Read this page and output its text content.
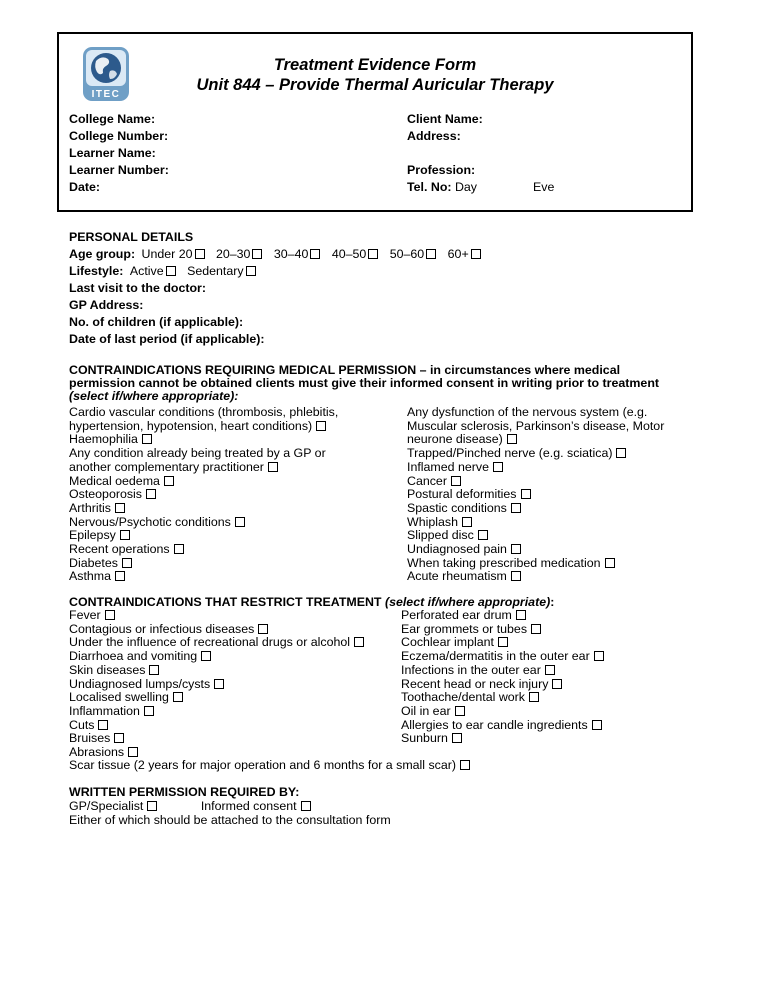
ITEC
Treatment Evidence Form
Unit 844 – Provide Thermal Auricular Therapy
College Name:
College Number:
Learner Name:
Learner Number:
Date:
Client Name:
Address:
Profession:
Tel. No: Day	Eve
PERSONAL DETAILS
Age group: Under 20 20–30 30–40 40–50 50–60 60+
Lifestyle: Active Sedentary
Last visit to the doctor:
GP Address:
No. of children (if applicable):
Date of last period (if applicable):
CONTRAINDICATIONS REQUIRING MEDICAL PERMISSION – in circumstances where medical
permission cannot be obtained clients must give their informed consent in writing prior to treatment
(select if/where appropriate):
Cardio vascular conditions (thrombosis, phlebitis,
hypertension, hypotension, heart conditions)
Haemophilia
Any condition already being treated by a GP or
another complementary practitioner
Medical oedema
Osteoporosis
Arthritis
Nervous/Psychotic conditions
Epilepsy
Recent operations
Diabetes
Asthma
Any dysfunction of the nervous system (e.g.
Muscular sclerosis, Parkinson’s disease, Motor
neurone disease)
Trapped/Pinched nerve (e.g. sciatica)
Inflamed nerve
Cancer
Postural deformities
Spastic conditions
Whiplash
Slipped disc
Undiagnosed pain
When taking prescribed medication
Acute rheumatism
CONTRAINDICATIONS THAT RESTRICT TREATMENT (select if/where appropriate):
Fever
Contagious or infectious diseases
Under the influence of recreational drugs or alcohol
Diarrhoea and vomiting
Skin diseases
Undiagnosed lumps/cysts
Localised swelling
Inflammation
Cuts
Bruises
Abrasions
Perforated ear drum
Ear grommets or tubes
Cochlear implant
Eczema/dermatitis in the outer ear
Infections in the outer ear
Recent head or neck injury
Toothache/dental work
Oil in ear
Allergies to ear candle ingredients
Sunburn
Scar tissue (2 years for major operation and 6 months for a small scar)
WRITTEN PERMISSION REQUIRED BY:
GP/Specialist	Informed consent
Either of which should be attached to the consultation form
